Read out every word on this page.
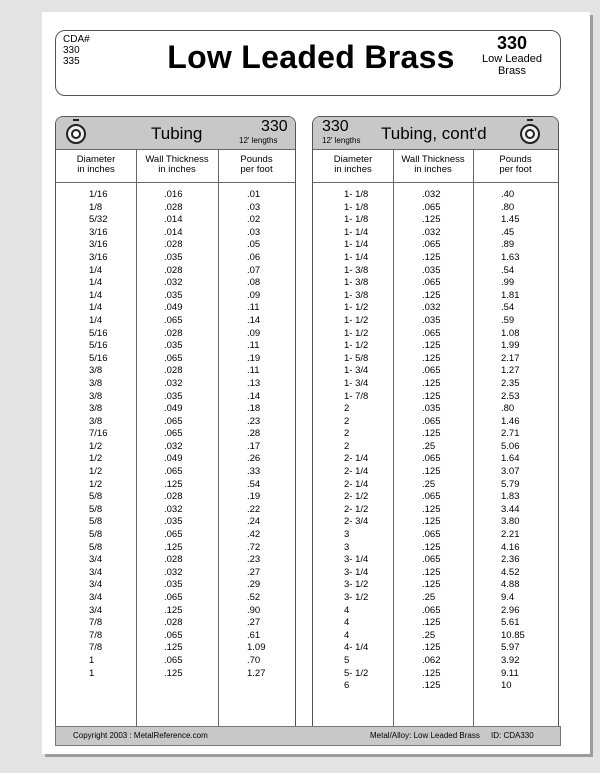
CDA#
330
335	Low Leaded Brass	330
Low Leaded
Brass
Tubing	330
12' lengths
Diameter
in inches
Wall Thickness
in inches
Pounds
per foot
1/16	.016	.01
1/8	.028	.03
5/32	.014	.02
3/16	.014	.03
3/16	.028	.05
3/16	.035	.06
1/4	.028	.07
1/4	.032	.08
1/4	.035	.09
1/4	.049	.11
1/4	.065	.14
5/16	.028	.09
5/16	.035	.11
5/16	.065	.19
3/8	.028	.11
3/8	.032	.13
3/8	.035	.14
3/8	.049	.18
3/8	.065	.23
7/16	.065	.28
1/2	.032	.17
1/2	.049	.26
1/2	.065	.33
1/2	.125	.54
5/8	.028	.19
5/8	.032	.22
5/8	.035	.24
5/8	.065	.42
5/8	.125	.72
3/4	.028	.23
3/4	.032	.27
3/4	.035	.29
3/4	.065	.52
3/4	.125	.90
7/8	.028	.27
7/8	.065	.61
7/8	.125	1.09
1	.065	.70
1	.125	1.27
330
12' lengths Tubing, cont'd
Diameter
in inches
Wall Thickness
in inches
Pounds
per foot
1- 1/8	.032	.40
1- 1/8	.065	.80
1- 1/8	.125	1.45
1- 1/4	.032	.45
1- 1/4	.065	.89
1- 1/4	.125	1.63
1- 3/8	.035	.54
1- 3/8	.065	.99
1- 3/8	.125	1.81
1- 1/2	.032	.54
1- 1/2	.035	.59
1- 1/2	.065	1.08
1- 1/2	.125	1.99
1- 5/8	.125	2.17
1- 3/4	.065	1.27
1- 3/4	.125	2.35
1- 7/8	.125	2.53
2	.035	.80
2	.065	1.46
2	.125	2.71
2	.25	5.06
2- 1/4	.065	1.64
2- 1/4	.125	3.07
2- 1/4	.25	5.79
2- 1/2	.065	1.83
2- 1/2	.125	3.44
2- 3/4	.125	3.80
3	.065	2.21
3	.125	4.16
3- 1/4	.065	2.36
3- 1/4	.125	4.52
3- 1/2	.125	4.88
3- 1/2	.25	9.4
4	.065	2.96
4	.125	5.61
4	.25	10.85
4- 1/4	.125	5.97
5	.062	3.92
5- 1/2	.125	9.11
6	.125	10
Copyright 2003 : MetalReference.com	Metal/Alloy: Low Leaded Brass ID: CDA330
